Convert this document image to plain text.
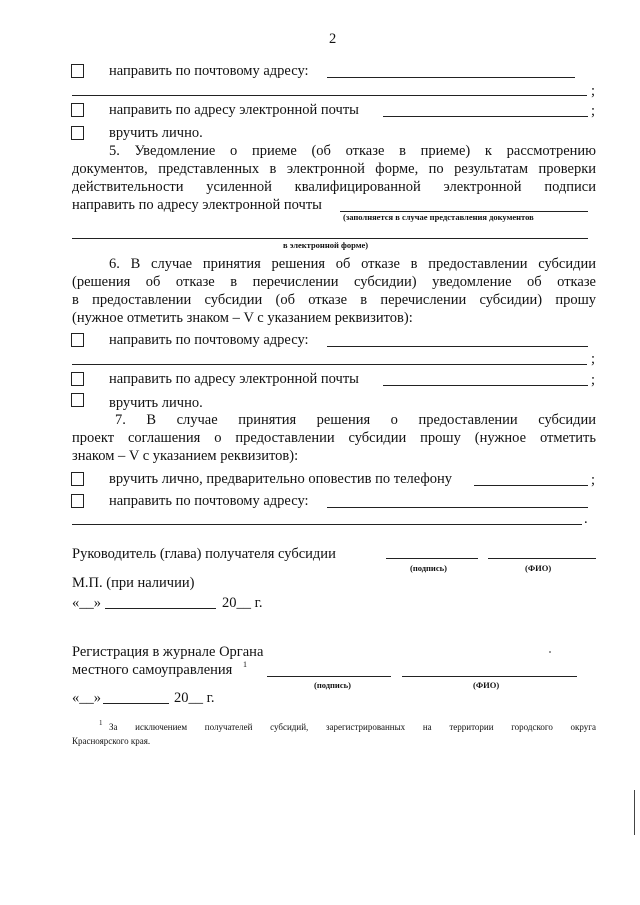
2
направить по почтовому адресу:
;
направить по адресу электронной почты	;
вручить лично.
5. Уведомление о приеме (об отказе в приеме) к рассмотрению
документов, представленных в электронной форме, по результатам проверки
действительности усиленной квалифицированной электронной подписи
направить по адресу электронной почты
(заполняется в случае представления документов
в электронной форме)
6. В случае принятия решения об отказе в предоставлении субсидии
(решения об отказе в перечислении субсидии) уведомление об отказе
в предоставлении субсидии (об отказе в перечислении субсидии) прошу
(нужное отметить знаком – V с указанием реквизитов):
направить по почтовому адресу:
;
направить по адресу электронной почты	;
вручить лично.
7. В случае принятия решения о предоставлении субсидии
проект соглашения о предоставлении субсидии прошу (нужное отметить
знаком – V с указанием реквизитов):
вручить лично, предварительно оповестив по телефону	;
направить по почтовому адресу:
.
Руководитель (глава) получателя субсидии
(подпись)	(ФИО)
М.П. (при наличии)
«__»	20__ г.
Регистрация в журнале Органа
местного самоуправления 1
(подпись)	(ФИО)
«__»	20__ г.
1 За исключением получателей субсидий, зарегистрированных на территории городского округа
Красноярского края.
